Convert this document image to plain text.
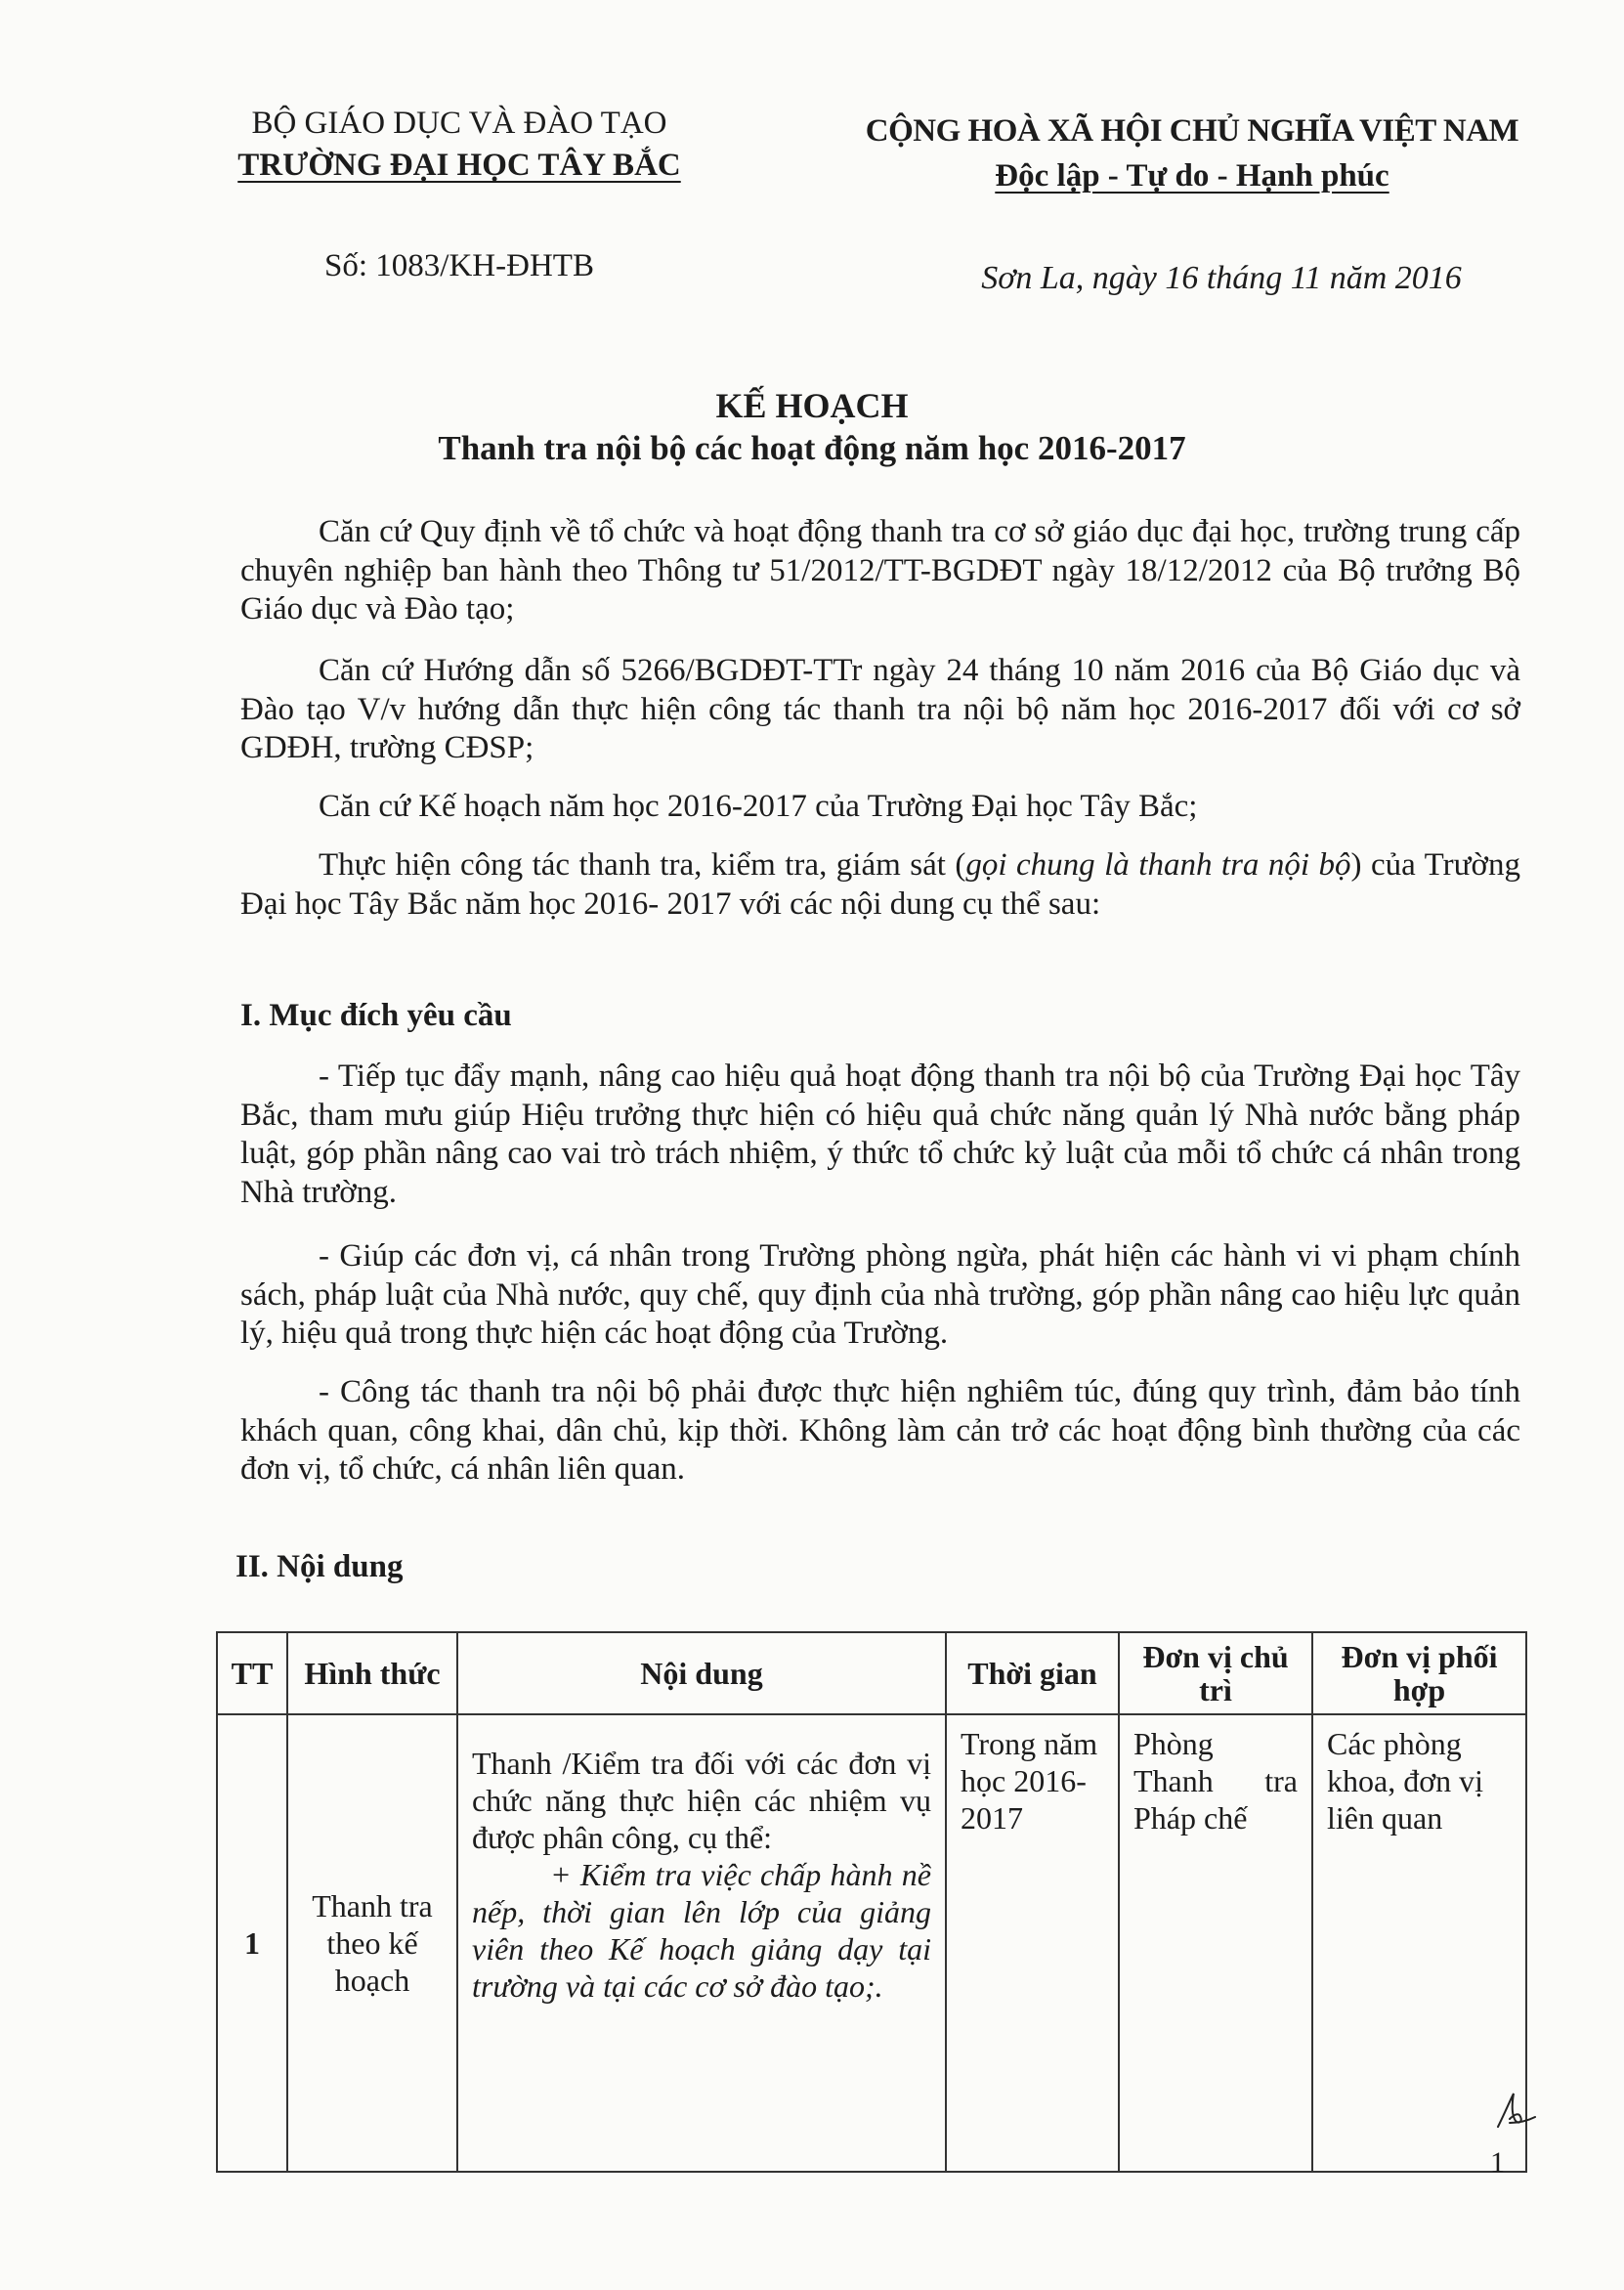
BỘ GIÁO DỤC VÀ ĐÀO TẠO
TRƯỜNG ĐẠI HỌC TÂY BẮC
Số: 1083/KH-ĐHTB
CỘNG HOÀ XÃ HỘI CHỦ NGHĨA VIỆT NAM
Độc lập - Tự do - Hạnh phúc
Sơn La, ngày 16 tháng 11 năm 2016
KẾ HOẠCH
Thanh tra nội bộ các hoạt động năm học 2016-2017
Căn cứ Quy định về tổ chức và hoạt động thanh tra cơ sở giáo dục đại học, trường trung cấp chuyên nghiệp ban hành theo Thông tư 51/2012/TT-BGDĐT ngày 18/12/2012 của Bộ trưởng Bộ Giáo dục và Đào tạo;
Căn cứ Hướng dẫn số 5266/BGDĐT-TTr ngày 24 tháng 10 năm 2016 của Bộ Giáo dục và Đào tạo V/v hướng dẫn thực hiện công tác thanh tra nội bộ năm học 2016-2017 đối với cơ sở GDĐH, trường CĐSP;
Căn cứ Kế hoạch năm học 2016-2017 của Trường Đại học Tây Bắc;
Thực hiện công tác thanh tra, kiểm tra, giám sát (gọi chung là thanh tra nội bộ) của Trường Đại học Tây Bắc năm học 2016- 2017 với các nội dung cụ thể sau:
I. Mục đích yêu cầu
- Tiếp tục đẩy mạnh, nâng cao hiệu quả hoạt động thanh tra nội bộ của Trường Đại học Tây Bắc, tham mưu giúp Hiệu trưởng thực hiện có hiệu quả chức năng quản lý Nhà nước bằng pháp luật, góp phần nâng cao vai trò trách nhiệm, ý thức tổ chức kỷ luật của mỗi tổ chức cá nhân trong Nhà trường.
- Giúp các đơn vị, cá nhân trong Trường phòng ngừa, phát hiện các hành vi vi phạm chính sách, pháp luật của Nhà nước, quy chế, quy định của nhà trường, góp phần nâng cao hiệu lực quản lý, hiệu quả trong thực hiện các hoạt động của Trường.
- Công tác thanh tra nội bộ phải được thực hiện nghiêm túc, đúng quy trình, đảm bảo tính khách quan, công khai, dân chủ, kịp thời. Không làm cản trở các hoạt động bình thường của các đơn vị, tổ chức, cá nhân liên quan.
II. Nội dung
TT	Hình thức	Nội dung	Thời gian	Đơn vị chủ trì	Đơn vị phối hợp
1	Thanh tra theo kế hoạch	Thanh /Kiểm tra đối với các đơn vị chức năng thực hiện các nhiệm vụ được phân công, cụ thể:
+ Kiểm tra việc chấp hành nề nếp, thời gian lên lớp của giảng viên theo Kế hoạch giảng dạy tại trường và tại các cơ sở đào tạo;.	Trong năm học 2016-2017	Phòng Thanh tra Pháp chế	Các phòng khoa, đơn vị liên quan
1
